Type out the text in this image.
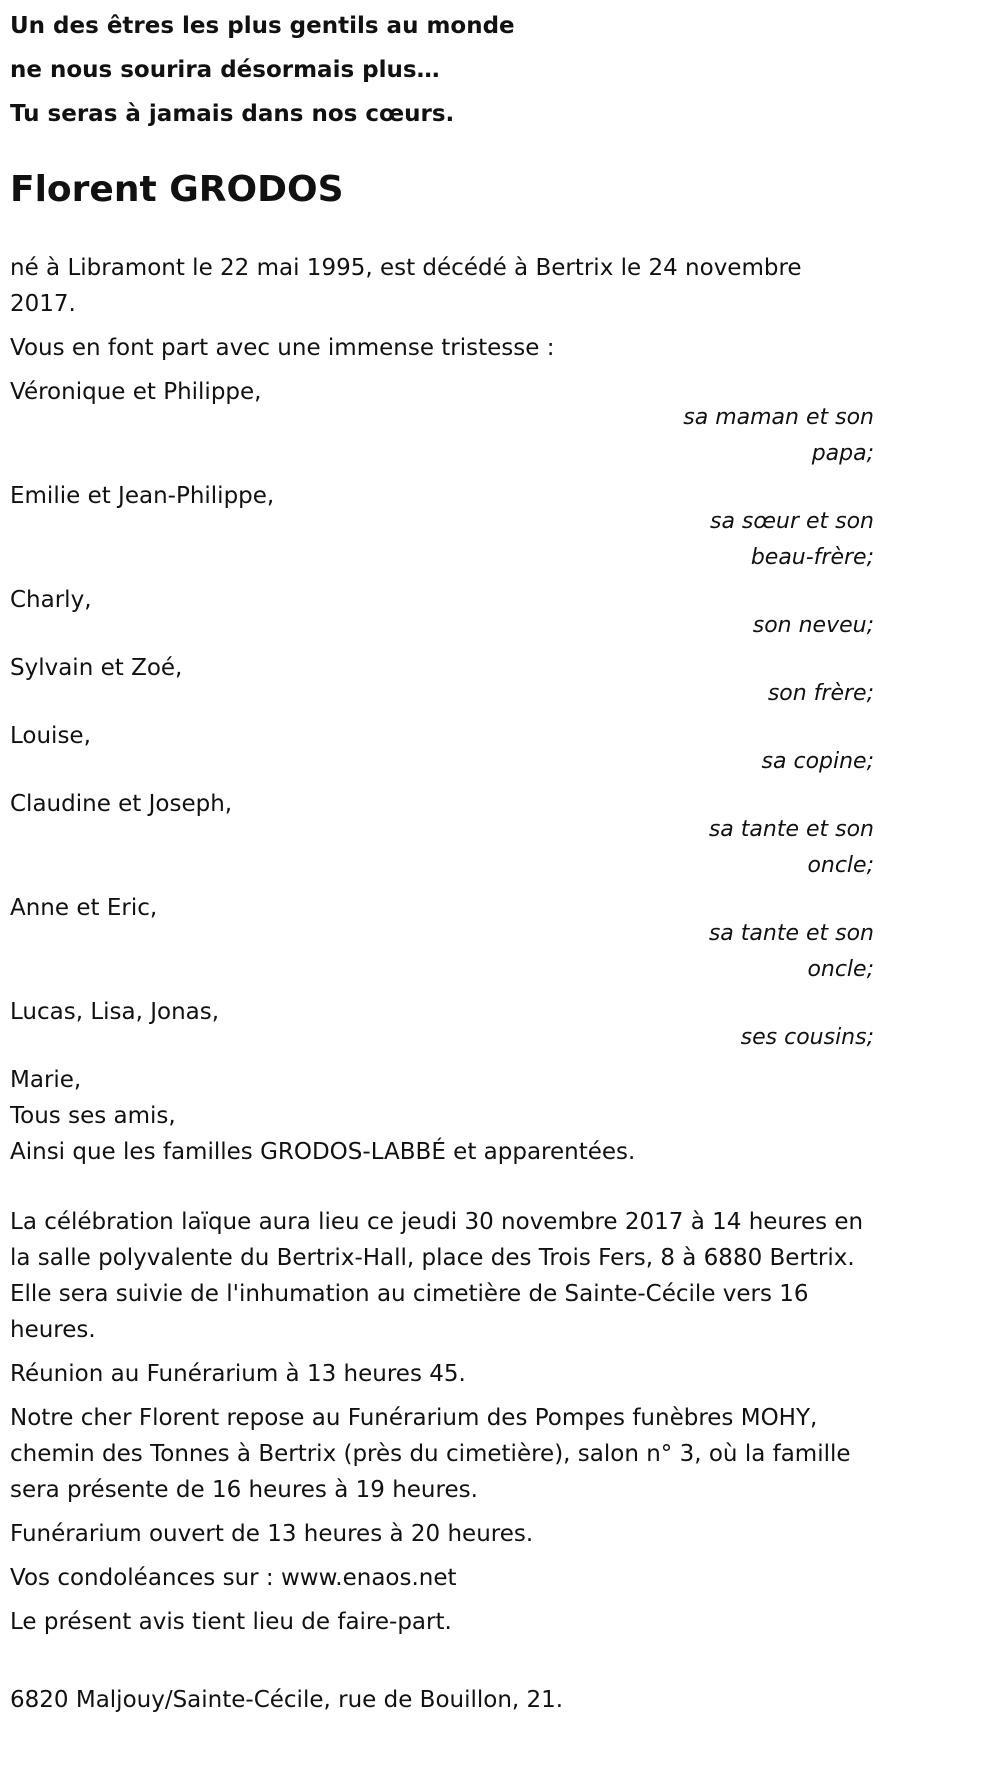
Un des êtres les plus gentils au monde

ne nous sourira désormais plus…

Tu seras à jamais dans nos cœurs.

Florent GRODOS

né à Libramont le 22 mai 1995, est décédé à Bertrix le 24 novembre 2017.

Vous en font part avec une immense tristesse :

Véronique et Philippe,
sa maman et son papa;
Emilie et Jean-Philippe,
sa sœur et son beau-frère;
Charly,
son neveu;
Sylvain et Zoé,
son frère;
Louise,
sa copine;
Claudine et Joseph,
sa tante et son oncle;
Anne et Eric,
sa tante et son oncle;
Lucas, Lisa, Jonas,
ses cousins;
Marie,
Tous ses amis,
Ainsi que les familles GRODOS-LABBÉ et apparentées.

La célébration laïque aura lieu ce jeudi 30 novembre 2017 à 14 heures en la salle polyvalente du Bertrix-Hall, place des Trois Fers, 8 à 6880 Bertrix. Elle sera suivie de l'inhumation au cimetière de Sainte-Cécile vers 16 heures.

Réunion au Funérarium à 13 heures 45.

Notre cher Florent repose au Funérarium des Pompes funèbres MOHY, chemin des Tonnes à Bertrix (près du cimetière), salon n° 3, où la famille sera présente de 16 heures à 19 heures.

Funérarium ouvert de 13 heures à 20 heures.

Vos condoléances sur : www.enaos.net

Le présent avis tient lieu de faire-part.

6820 Maljouy/Sainte-Cécile, rue de Bouillon, 21.
